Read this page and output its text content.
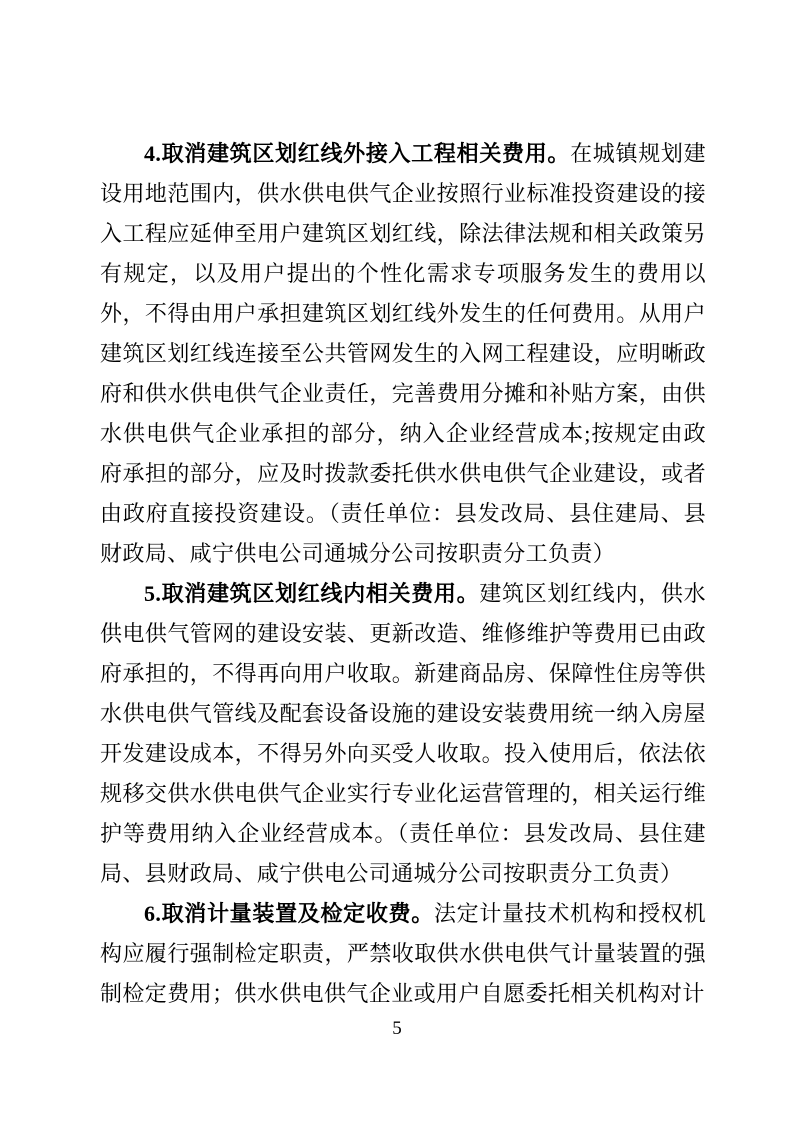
4.取消建筑区划红线外接入工程相关费用。在城镇规划建设用地范围内，供水供电供气企业按照行业标准投资建设的接入工程应延伸至用户建筑区划红线，除法律法规和相关政策另有规定，以及用户提出的个性化需求专项服务发生的费用以外，不得由用户承担建筑区划红线外发生的任何费用。从用户建筑区划红线连接至公共管网发生的入网工程建设，应明晰政府和供水供电供气企业责任，完善费用分摊和补贴方案，由供水供电供气企业承担的部分，纳入企业经营成本;按规定由政府承担的部分，应及时拨款委托供水供电供气企业建设，或者由政府直接投资建设。（责任单位：县发改局、县住建局、县财政局、咸宁供电公司通城分公司按职责分工负责）

5.取消建筑区划红线内相关费用。建筑区划红线内，供水供电供气管网的建设安装、更新改造、维修维护等费用已由政府承担的，不得再向用户收取。新建商品房、保障性住房等供水供电供气管线及配套设备设施的建设安装费用统一纳入房屋开发建设成本，不得另外向买受人收取。投入使用后，依法依规移交供水供电供气企业实行专业化运营管理的，相关运行维护等费用纳入企业经营成本。（责任单位：县发改局、县住建局、县财政局、咸宁供电公司通城分公司按职责分工负责）

6.取消计量装置及检定收费。法定计量技术机构和授权机构应履行强制检定职责，严禁收取供水供电供气计量装置的强制检定费用；供水供电供气企业或用户自愿委托相关机构对计

5
